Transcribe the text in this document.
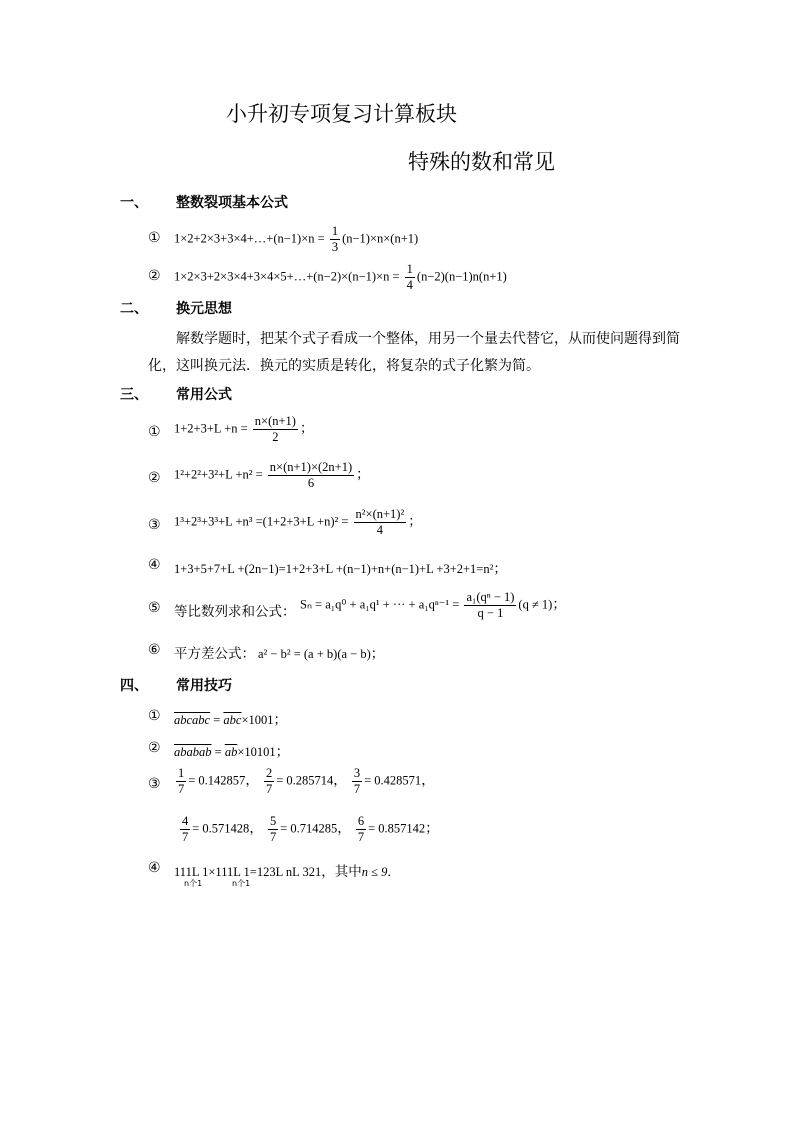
小升初专项复习计算板块
特殊的数和常见
一、 整数裂项基本公式
① 1×2+2×3+3×4+…+(n−1)×n = $\frac{1}{3} (n-1)\times n\times(n+1)$
② 1×2×3+2×3×4+3×4×5+…+(n−2)×(n−1)×n = $\frac{1}{4} (n-2)(n-1)n(n+1)$
二、 换元思想
解数学题时，把某个式子看成一个整体，用另一个量去代替它，从而使问题得到简
化，这叫换元法．换元的实质是转化，将复杂的式子化繁为简。
三、 常用公式
① $1+2+3+L +n = \frac{n\times(n+1)}{2}$ ；
② $1^2+2^2+3^2+L +n^2 = \frac{n\times(n+1)\times(2n+1)}{6}$ ；
③ $1^3+2^3+3^3+L +n^3 =(1+2+3+L +n)^2 = \frac{\text{n²×(n+1)²}}{4}$ ；
④ 1+3+5+7+L +(2n−1)=1+2+3+L +(n−1)+n+(n−1)+L +3+2+1=n²；
⑤ 等比数列求和公式： Sₙ = a₁q⁰ + a₁q¹ + ··· + $a_1q^{n-1} = \frac{\text{a₁(qⁿ − 1)}}{q - 1} (q \ne 1)$；
⑥ 平方差公式： a² − b² = (a + b)(a − b)；
四、 常用技巧
① abcabc = $\overline{abc}\times 1001$；
② ababab = $\overline{ab}\times 10101$；
③ $\frac{1}{7} = 0.142857$， $\frac{2}{7} = 0.285714$， $\frac{3}{7} = 0.428571$，
$\frac{4}{7} = 0.571428$， $\frac{5}{7} = 0.714285$， $\frac{6}{7} = 0.857142$；
④ 111L 1×111L 1=123L nL 321，其中n ≤ 9．
n个1	n个1
